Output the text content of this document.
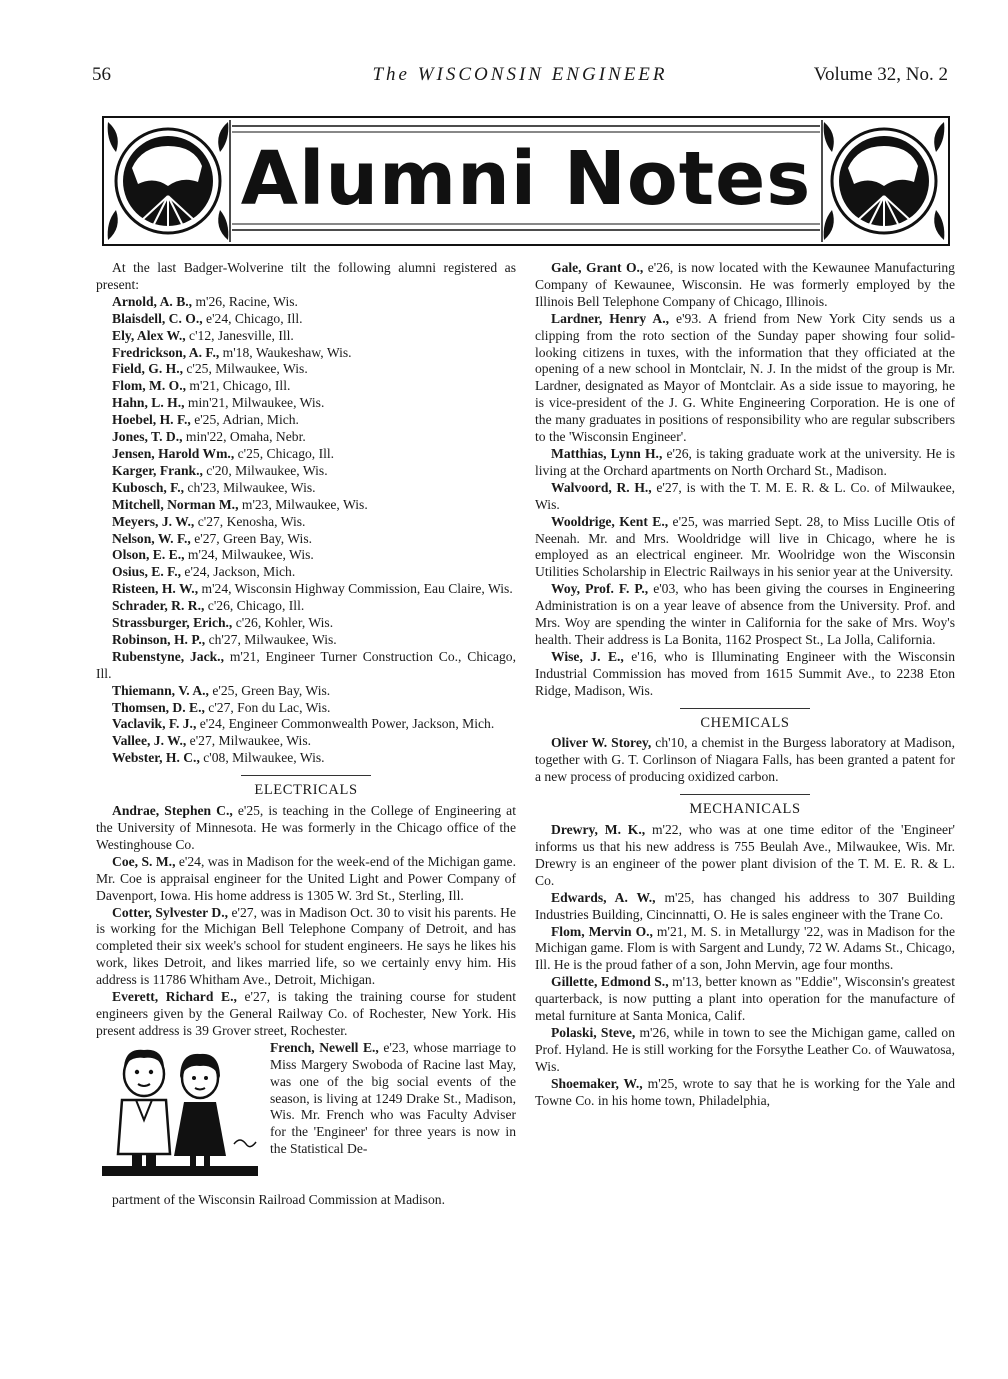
56	The WISCONSIN ENGINEER	Volume 32, No. 2
Alumni Notes

At the last Badger-Wolverine tilt the following alumni registered as present:

Arnold, A. B., m'26, Racine, Wis.

Blaisdell, C. O., e'24, Chicago, Ill.

Ely, Alex W., c'12, Janesville, Ill.

Fredrickson, A. F., m'18, Waukeshaw, Wis.

Field, G. H., c'25, Milwaukee, Wis.

Flom, M. O., m'21, Chicago, Ill.

Hahn, L. H., min'21, Milwaukee, Wis.

Hoebel, H. F., e'25, Adrian, Mich.

Jones, T. D., min'22, Omaha, Nebr.

Jensen, Harold Wm., c'25, Chicago, Ill.

Karger, Frank., c'20, Milwaukee, Wis.

Kubosch, F., ch'23, Milwaukee, Wis.

Mitchell, Norman M., m'23, Milwaukee, Wis.

Meyers, J. W., c'27, Kenosha, Wis.

Nelson, W. F., e'27, Green Bay, Wis.

Olson, E. E., m'24, Milwaukee, Wis.

Osius, E. F., e'24, Jackson, Mich.

Risteen, H. W., m'24, Wisconsin Highway Commission, Eau Claire, Wis.

Schrader, R. R., c'26, Chicago, Ill.

Strassburger, Erich., c'26, Kohler, Wis.

Robinson, H. P., ch'27, Milwaukee, Wis.

Rubenstyne, Jack., m'21, Engineer Turner Construction Co., Chicago, Ill.

Thiemann, V. A., e'25, Green Bay, Wis.

Thomsen, D. E., c'27, Fon du Lac, Wis.

Vaclavik, F. J., e'24, Engineer Commonwealth Power, Jackson, Mich.

Vallee, J. W., e'27, Milwaukee, Wis.

Webster, H. C., c'08, Milwaukee, Wis.

ELECTRICALS

Andrae, Stephen C., e'25, is teaching in the College of Engineering at the University of Minnesota. He was formerly in the Chicago office of the Westinghouse Co.

Coe, S. M., e'24, was in Madison for the week-end of the Michigan game. Mr. Coe is appraisal engineer for the United Light and Power Company of Davenport, Iowa. His home address is 1305 W. 3rd St., Sterling, Ill.

Cotter, Sylvester D., e'27, was in Madison Oct. 30 to visit his parents. He is working for the Michigan Bell Telephone Company of Detroit, and has completed their six week's school for student engineers. He says he likes his work, likes Detroit, and likes married life, so we certainly envy him. His address is 11786 Whitham Ave., Detroit, Michigan.

Everett, Richard E., e'27, is taking the training course for student engineers given by the General Railway Co. of Rochester, New York. His present address is 39 Grover street, Rochester.

French, Newell E., e'23, whose marriage to Miss Margery Swoboda of Racine last May, was one of the big social events of the season, is living at 1249 Drake St., Madison, Wis. Mr. French who was Faculty Adviser for the 'Engineer' for three years is now in the Statistical De-

partment of the Wisconsin Railroad Commission at Madison.

Gale, Grant O., e'26, is now located with the Kewaunee Manufacturing Company of Kewaunee, Wisconsin. He was formerly employed by the Illinois Bell Telephone Company of Chicago, Illinois.

Lardner, Henry A., e'93. A friend from New York City sends us a clipping from the roto section of the Sunday paper showing four solid-looking citizens in tuxes, with the information that they officiated at the opening of a new school in Montclair, N. J. In the midst of the group is Mr. Lardner, designated as Mayor of Montclair. As a side issue to mayoring, he is vice-president of the J. G. White Engineering Corporation. He is one of the many graduates in positions of responsibility who are regular subscribers to the 'Wisconsin Engineer'.

Matthias, Lynn H., e'26, is taking graduate work at the university. He is living at the Orchard apartments on North Orchard St., Madison.

Walvoord, R. H., e'27, is with the T. M. E. R. & L. Co. of Milwaukee, Wis.

Wooldrige, Kent E., e'25, was married Sept. 28, to Miss Lucille Otis of Neenah. Mr. and Mrs. Wooldridge will live in Chicago, where he is employed as an electrical engineer. Mr. Woolridge won the Wisconsin Utilities Scholarship in Electric Railways in his senior year at the University.

Woy, Prof. F. P., e'03, who has been giving the courses in Engineering Administration is on a year leave of absence from the University. Prof. and Mrs. Woy are spending the winter in California for the sake of Mrs. Woy's health. Their address is La Bonita, 1162 Prospect St., La Jolla, California.

Wise, J. E., e'16, who is Illuminating Engineer with the Wisconsin Industrial Commission has moved from 1615 Summit Ave., to 2238 Eton Ridge, Madison, Wis.

CHEMICALS

Oliver W. Storey, ch'10, a chemist in the Burgess laboratory at Madison, together with G. T. Corlinson of Niagara Falls, has been granted a patent for a new process of producing oxidized carbon.

MECHANICALS

Drewry, M. K., m'22, who was at one time editor of the 'Engineer' informs us that his new address is 755 Beulah Ave., Milwaukee, Wis. Mr. Drewry is an engineer of the power plant division of the T. M. E. R. & L. Co.

Edwards, A. W., m'25, has changed his address to 307 Building Industries Building, Cincinnatti, O. He is sales engineer with the Trane Co.

Flom, Mervin O., m'21, M. S. in Metallurgy '22, was in Madison for the Michigan game. Flom is with Sargent and Lundy, 72 W. Adams St., Chicago, Ill. He is the proud father of a son, John Mervin, age four months.

Gillette, Edmond S., m'13, better known as "Eddie", Wisconsin's greatest quarterback, is now putting a plant into operation for the manufacture of metal furniture at Santa Monica, Calif.

Polaski, Steve, m'26, while in town to see the Michigan game, called on Prof. Hyland. He is still working for the Forsythe Leather Co. of Wauwatosa, Wis.

Shoemaker, W., m'25, wrote to say that he is working for the Yale and Towne Co. in his home town, Philadelphia,
